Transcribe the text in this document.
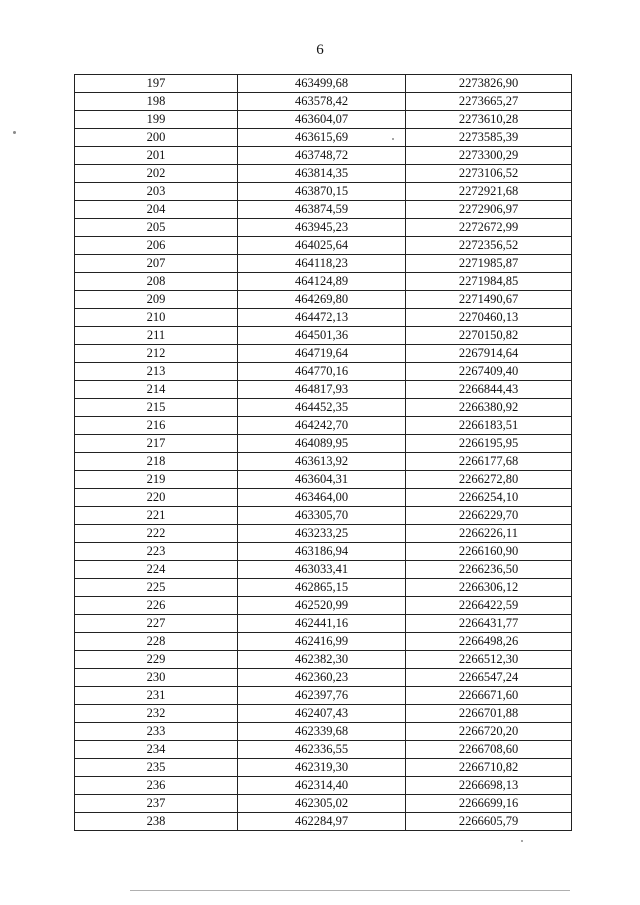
6
197	463499,68	2273826,90
198	463578,42	2273665,27
199	463604,07	2273610,28
200	463615,69	2273585,39
201	463748,72	2273300,29
202	463814,35	2273106,52
203	463870,15	2272921,68
204	463874,59	2272906,97
205	463945,23	2272672,99
206	464025,64	2272356,52
207	464118,23	2271985,87
208	464124,89	2271984,85
209	464269,80	2271490,67
210	464472,13	2270460,13
211	464501,36	2270150,82
212	464719,64	2267914,64
213	464770,16	2267409,40
214	464817,93	2266844,43
215	464452,35	2266380,92
216	464242,70	2266183,51
217	464089,95	2266195,95
218	463613,92	2266177,68
219	463604,31	2266272,80
220	463464,00	2266254,10
221	463305,70	2266229,70
222	463233,25	2266226,11
223	463186,94	2266160,90
224	463033,41	2266236,50
225	462865,15	2266306,12
226	462520,99	2266422,59
227	462441,16	2266431,77
228	462416,99	2266498,26
229	462382,30	2266512,30
230	462360,23	2266547,24
231	462397,76	2266671,60
232	462407,43	2266701,88
233	462339,68	2266720,20
234	462336,55	2266708,60
235	462319,30	2266710,82
236	462314,40	2266698,13
237	462305,02	2266699,16
238	462284,97	2266605,79
